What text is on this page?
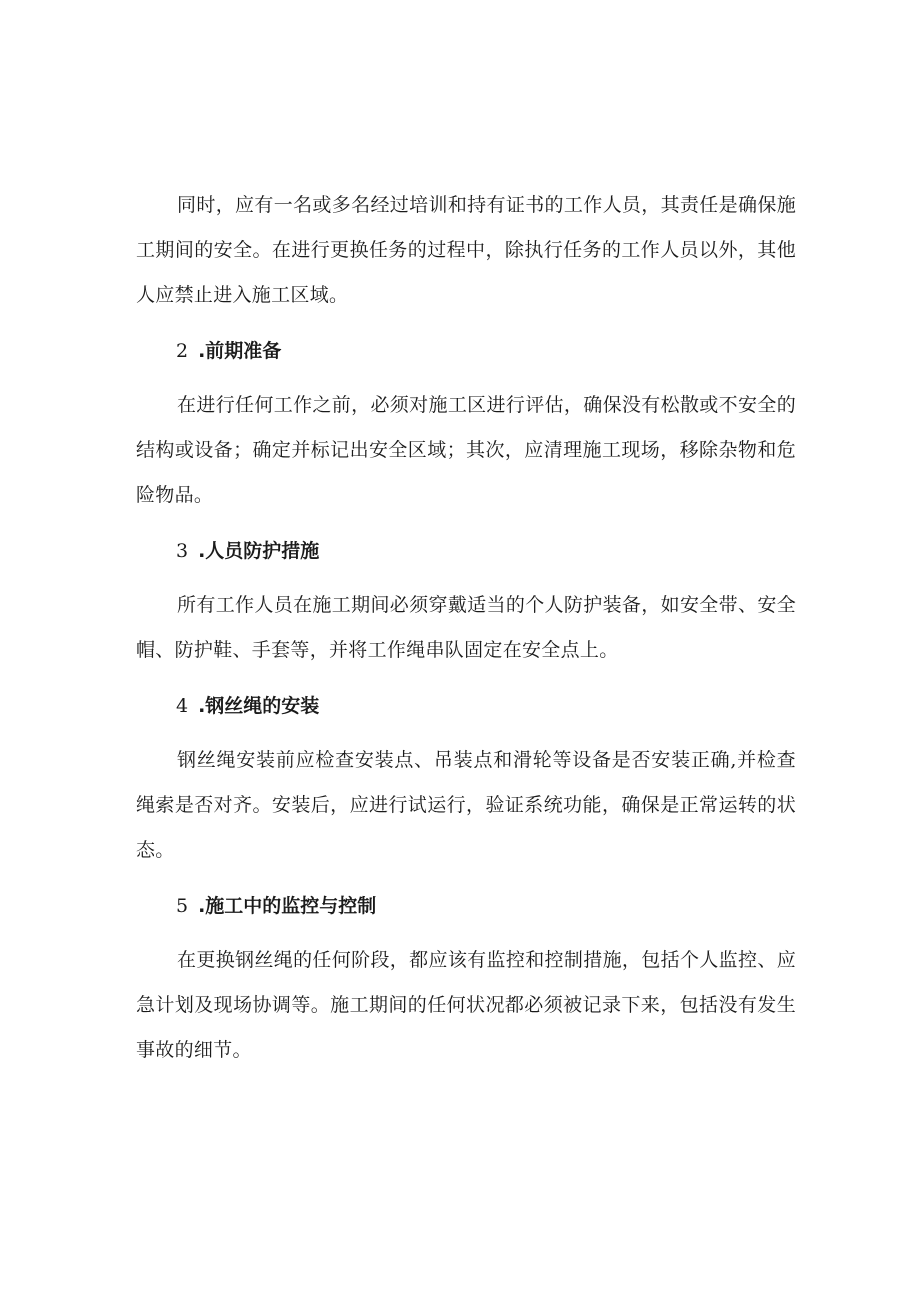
同时，应有一名或多名经过培训和持有证书的工作人员，其责任是确保施工期间的安全。在进行更换任务的过程中，除执行任务的工作人员以外，其他人应禁止进入施工区域。

2 .前期准备

在进行任何工作之前，必须对施工区进行评估，确保没有松散或不安全的结构或设备；确定并标记出安全区域；其次，应清理施工现场，移除杂物和危险物品。

3 .人员防护措施

所有工作人员在施工期间必须穿戴适当的个人防护装备，如安全带、安全帽、防护鞋、手套等，并将工作绳串队固定在安全点上。

4 .钢丝绳的安装

钢丝绳安装前应检查安装点、吊装点和滑轮等设备是否安装正确,并检查绳索是否对齐。安装后，应进行试运行，验证系统功能，确保是正常运转的状态。

5 .施工中的监控与控制

在更换钢丝绳的任何阶段，都应该有监控和控制措施，包括个人监控、应急计划及现场协调等。施工期间的任何状况都必须被记录下来，包括没有发生事故的细节。
